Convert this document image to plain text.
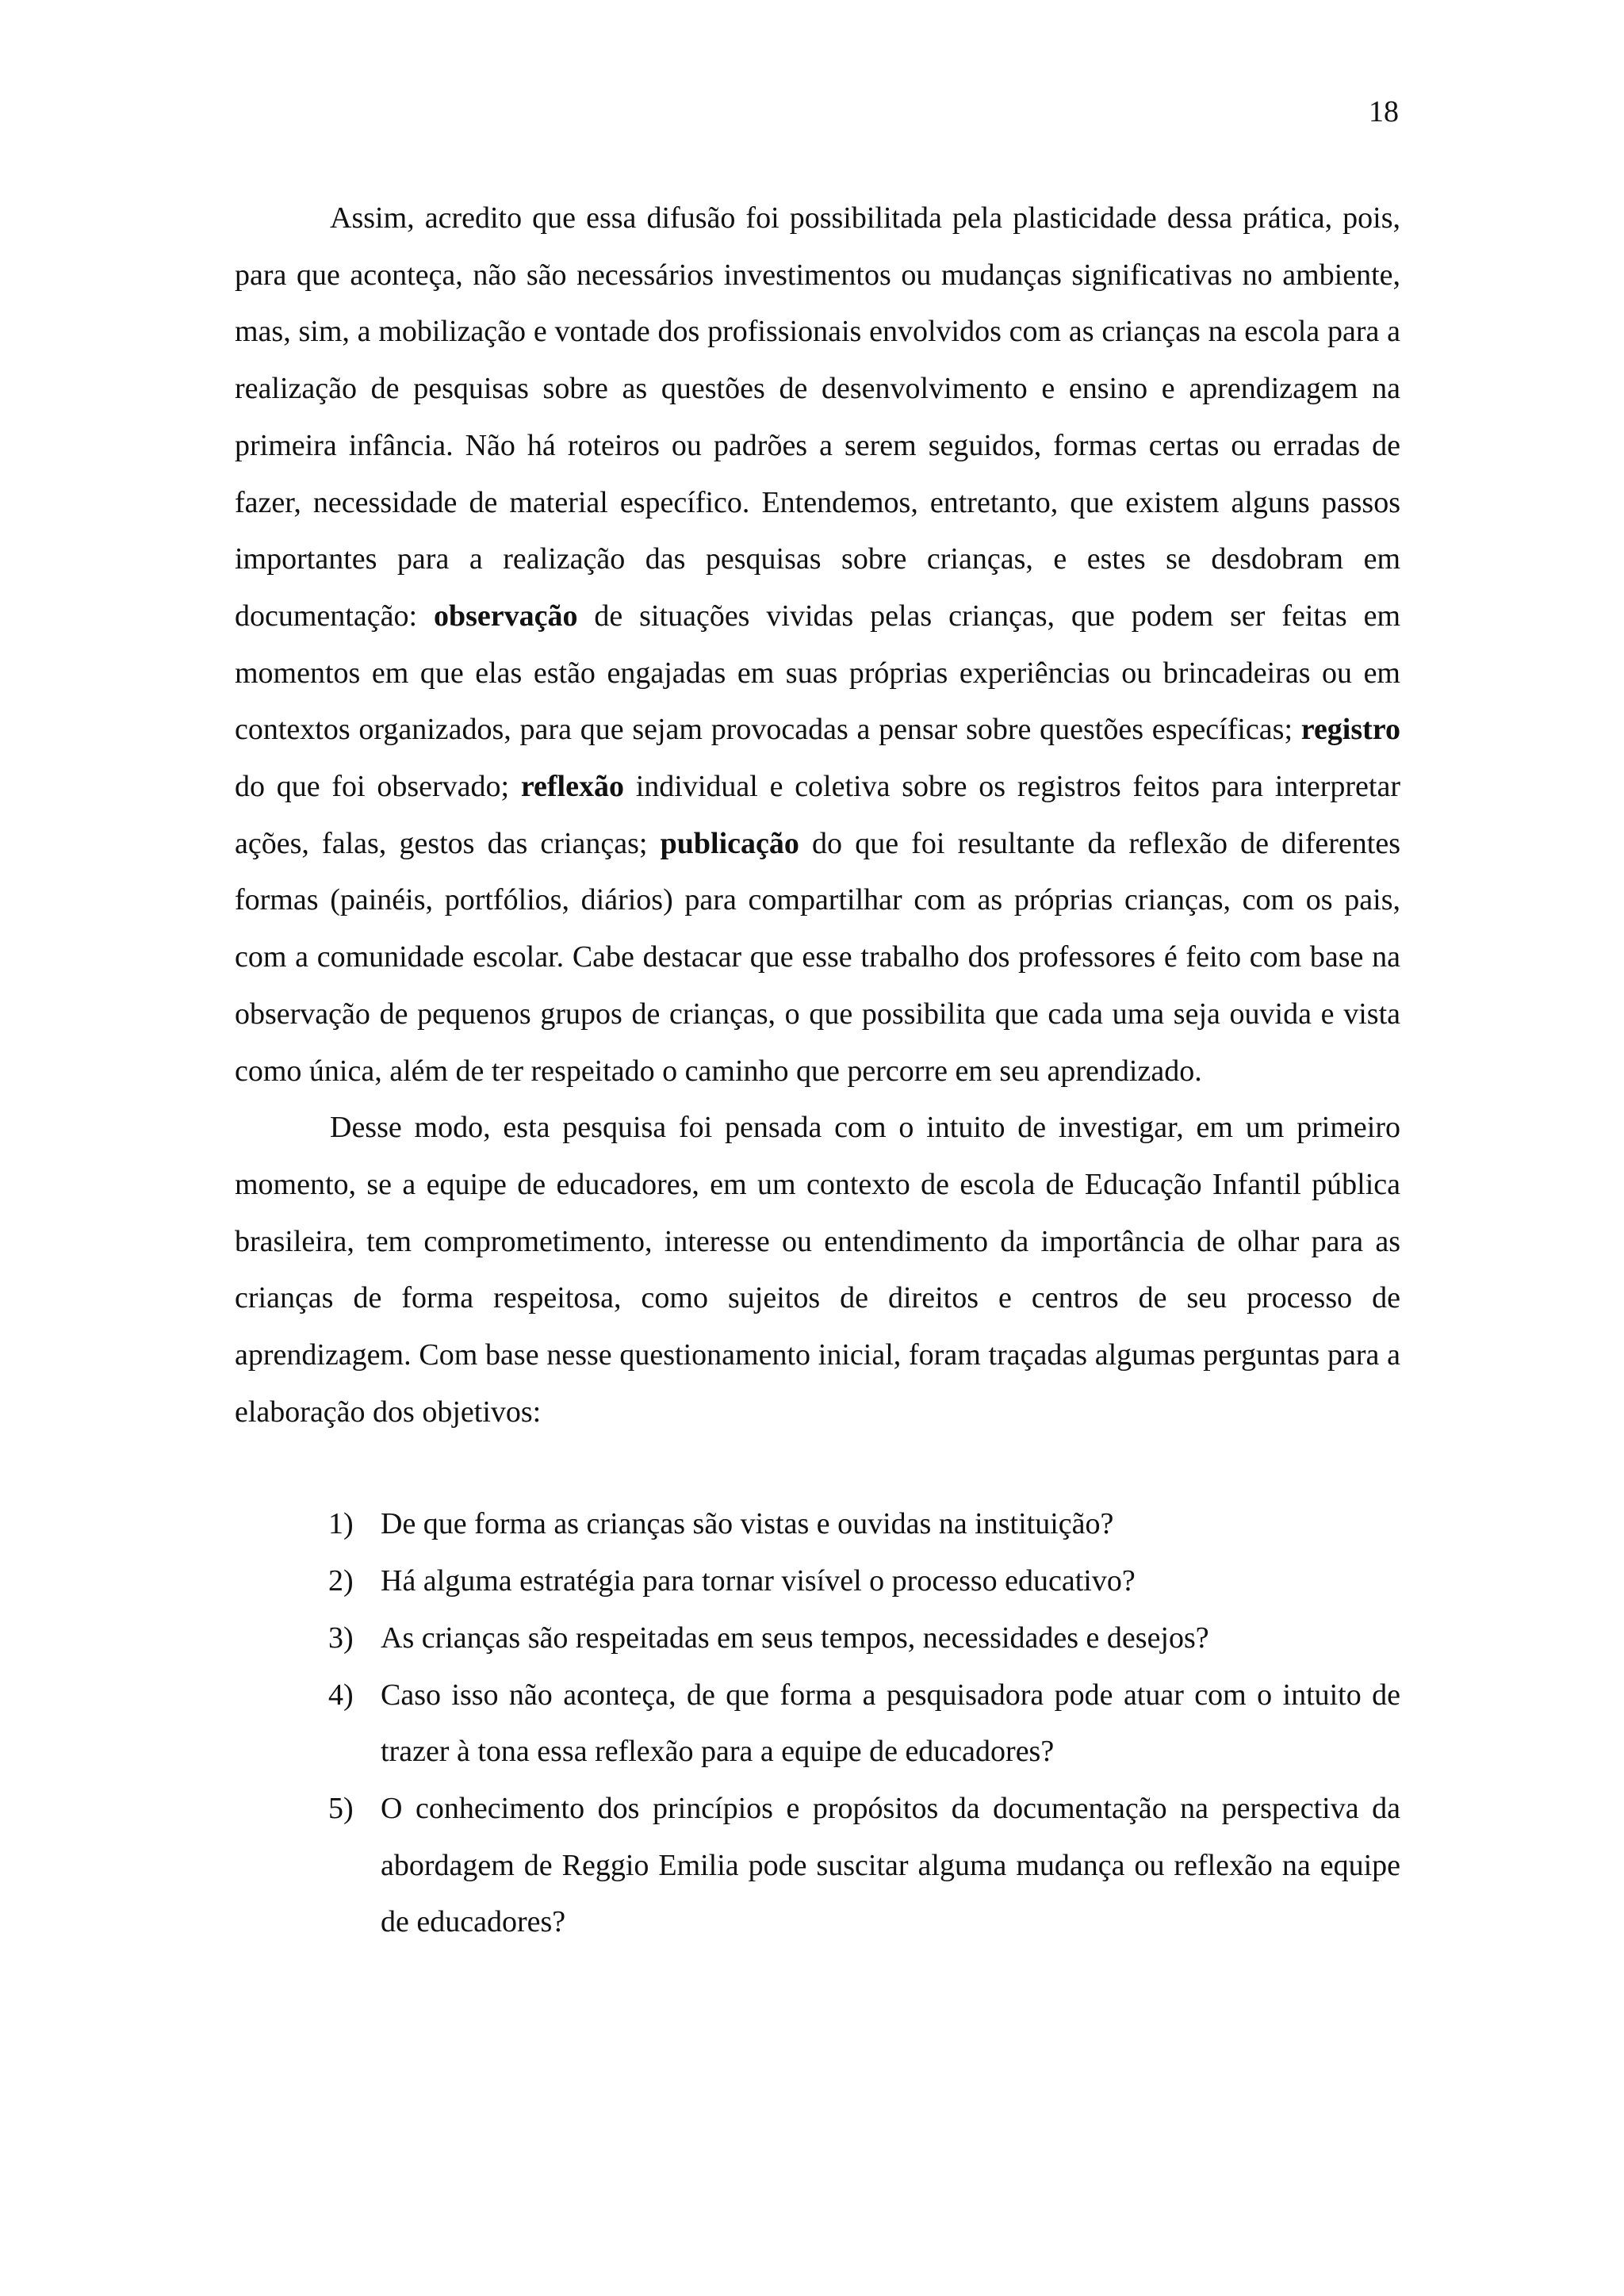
18

Assim, acredito que essa difusão foi possibilitada pela plasticidade dessa prática, pois, para que aconteça, não são necessários investimentos ou mudanças significativas no ambiente, mas, sim, a mobilização e vontade dos profissionais envolvidos com as crianças na escola para a realização de pesquisas sobre as questões de desenvolvimento e ensino e aprendizagem na primeira infância. Não há roteiros ou padrões a serem seguidos, formas certas ou erradas de fazer, necessidade de material específico. Entendemos, entretanto, que existem alguns passos importantes para a realização das pesquisas sobre crianças, e estes se desdobram em documentação: observação de situações vividas pelas crianças, que podem ser feitas em momentos em que elas estão engajadas em suas próprias experiências ou brincadeiras ou em contextos organizados, para que sejam provocadas a pensar sobre questões específicas; registro do que foi observado; reflexão individual e coletiva sobre os registros feitos para interpretar ações, falas, gestos das crianças; publicação do que foi resultante da reflexão de diferentes formas (painéis, portfólios, diários) para compartilhar com as próprias crianças, com os pais, com a comunidade escolar. Cabe destacar que esse trabalho dos professores é feito com base na observação de pequenos grupos de crianças, o que possibilita que cada uma seja ouvida e vista como única, além de ter respeitado o caminho que percorre em seu aprendizado.

Desse modo, esta pesquisa foi pensada com o intuito de investigar, em um primeiro momento, se a equipe de educadores, em um contexto de escola de Educação Infantil pública brasileira, tem comprometimento, interesse ou entendimento da importância de olhar para as crianças de forma respeitosa, como sujeitos de direitos e centros de seu processo de aprendizagem. Com base nesse questionamento inicial, foram traçadas algumas perguntas para a elaboração dos objetivos:

1) De que forma as crianças são vistas e ouvidas na instituição?
2) Há alguma estratégia para tornar visível o processo educativo?
3) As crianças são respeitadas em seus tempos, necessidades e desejos?
4) Caso isso não aconteça, de que forma a pesquisadora pode atuar com o intuito de trazer à tona essa reflexão para a equipe de educadores?
5) O conhecimento dos princípios e propósitos da documentação na perspectiva da abordagem de Reggio Emilia pode suscitar alguma mudança ou reflexão na equipe de educadores?
